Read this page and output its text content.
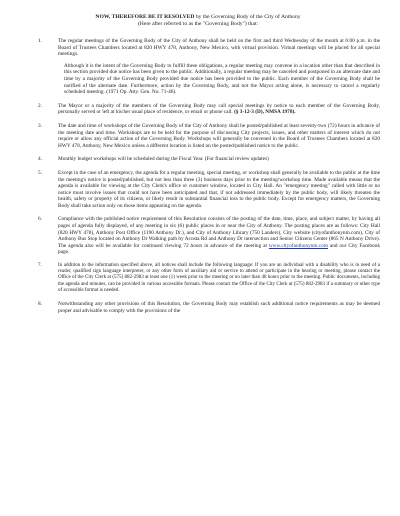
NOW, THEREFORE BE IT RESOLVED by the Governing Body of the City of Anthony
(Here after referred to as the "Governing Body") that:
1.	The regular meetings of the Governing Body of the City of Anthony shall be held on the first and third Wednesday of the month at 6:00 p.m. in the Board of Trustees Chambers located at 820 HWY 478, Anthony, New Mexico, with virtual provision. Virtual meetings will be placed for all special meetings.

Although it is the intent of the Governing Body to fulfill these obligations, a regular meeting may convene in a location other than that described in this section provided due notice has been given to the public. Additionally, a regular meeting may be canceled and postponed in an alternate date and time by a majority of the Governing Body provided due notice has been provided to the public. Each member of the Governing Body shall be notified of the alternate date. Furthermore, action by the Governing Body, and not the Mayor acting alone, is necessary to cancel a regularly scheduled meeting. (1971 Op. Atty. Gen. No. 71-46).

2.	The Mayor or a majority of the members of the Governing Body may call special meetings by notice to each member of the Governing Body, personally served or left at his/her usual place of residence, or email or phone call. (§ 3-12-3 (D), NMSA 1978).

3.	The date and time of workshops of the Governing Body of the City of Anthony shall be posted/published at least seventy-two (72) hours in advance of the meeting date and time. Workshops are to be held for the purpose of discussing City projects, issues, and other matters of interest which do not require or allow any official action of the Governing Body. Workshops will generally be convened in the Board of Trustees Chambers located at 820 HWY 478, Anthony, New Mexico unless a different location is listed on the posted/published notice to the public.

4.	Monthly budget workshops will be scheduled during the Fiscal Year. (For financial review updates)

5.	Except in the case of an emergency, the agenda for a regular meeting, special meeting, or workshop shall generally be available to the public at the time the meeting's notice is posted/published, but not less than three (3) business days prior to the meeting/workshop time. Made available means that the agenda is available for viewing at the City Clerk's office or customer window, located in City Hall. An "emergency meeting" called with little or no notice must involve issues that could not have been anticipated and that, if not addressed immediately by the public body, will likely threaten the health, safety or property of its citizens, or likely result in substantial financial loss to the public body. Except for emergency matters, the Governing Body shall take action only on those items appearing on the agenda.

6.	Compliance with the published notice requirement of this Resolution consists of the posting of the date, time, place, and subject matter, by having all pages of agenda fully displayed, of any meeting in six (6) public places in or near the City of Anthony. The posting places are as follows: City Hall (820 HWY 478), Anthony Post Office (1190 Anthony Dr.), and City of Anthony Library (750 Landers), City website (cityofanthonynm.com), City of Anthony Bus Stop located on Anthony Dr Walking path by Acosta Rd and Anthony Dr intersection and Senior Citizens Center (865 N Anthony Drive). The agenda also will be available for continued viewing 72 hours in advance of the meeting at www.cityofanthonynm.com and our City Facebook page.

7.	In addition to the information specified above, all notices shall include the following language: If you are an individual with a disability who is in need of a reader, qualified sign language interpreter, or any other form of auxiliary aid or service to attend or participate in the hearing or meeting, please contact the Office of the City Clerk at (575) 882-2983 at least one (1) week prior to the meeting or no later than 48 hours prior to the meeting. Public documents, including the agenda and minutes, can be provided in various accessible formats. Please contact the Office of the City Clerk at (575) 882-2983 if a summary or other type of accessible format is needed.

8.	Notwithstanding any other provisions of this Resolution, the Governing Body may establish such additional notice requirements as may be deemed proper and advisable to comply with the provisions of the
